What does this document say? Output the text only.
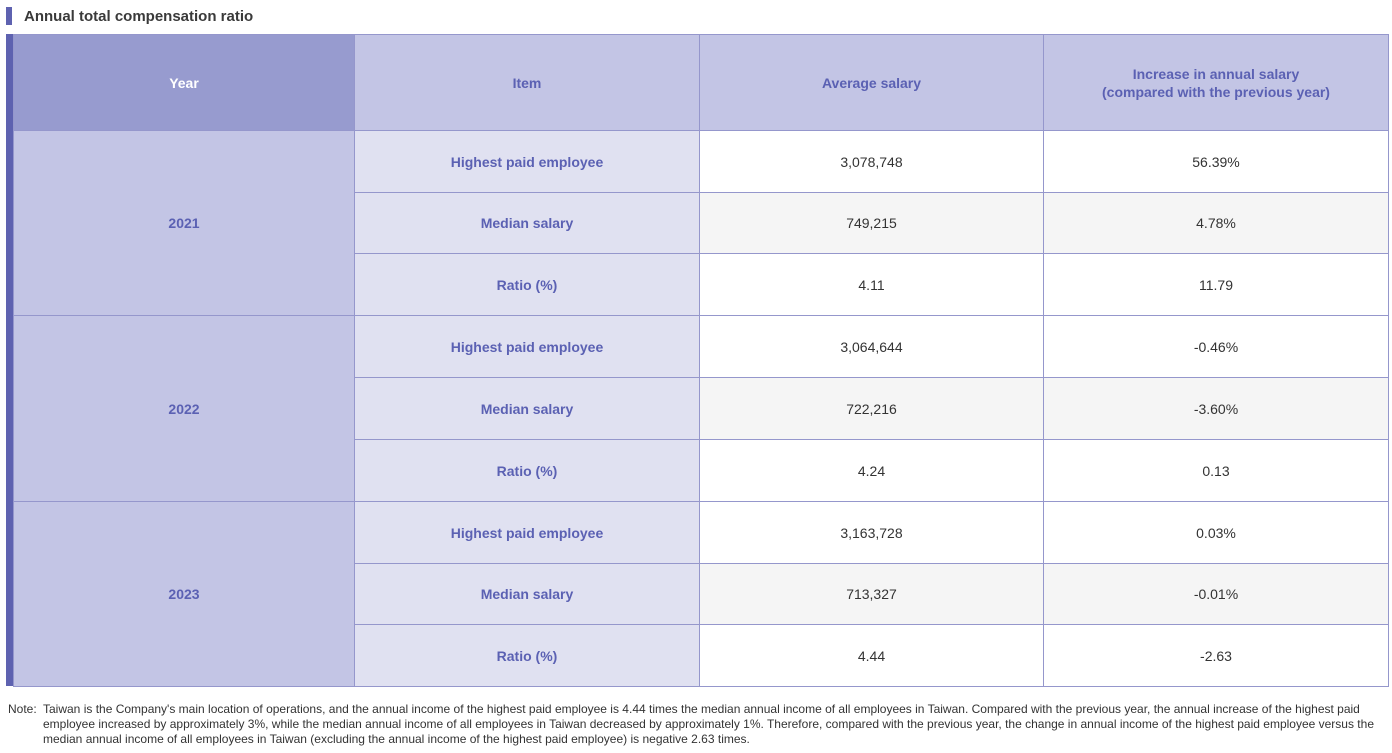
Annual total compensation ratio
Year	Item	Average salary	Increase in annual salary
(compared with the previous year)

2021	Highest paid employee	3,078,748	56.39%
	Median salary	749,215	4.78%
	Ratio (%)	4.11	11.79
2022	Highest paid employee	3,064,644	-0.46%
	Median salary	722,216	-3.60%
	Ratio (%)	4.24	0.13
2023	Highest paid employee	3,163,728	0.03%
	Median salary	713,327	-0.01%
	Ratio (%)	4.44	-2.63
Note: Taiwan is the Company's main location of operations, and the annual income of the highest paid employee is 4.44 times the median annual income of all employees in Taiwan. Compared with the previous year, the annual increase of the highest paid employee increased by approximately 3%, while the median annual income of all employees in Taiwan decreased by approximately 1%. Therefore, compared with the previous year, the change in annual income of the highest paid employee versus the median annual income of all employees in Taiwan (excluding the annual income of the highest paid employee) is negative 2.63 times.
